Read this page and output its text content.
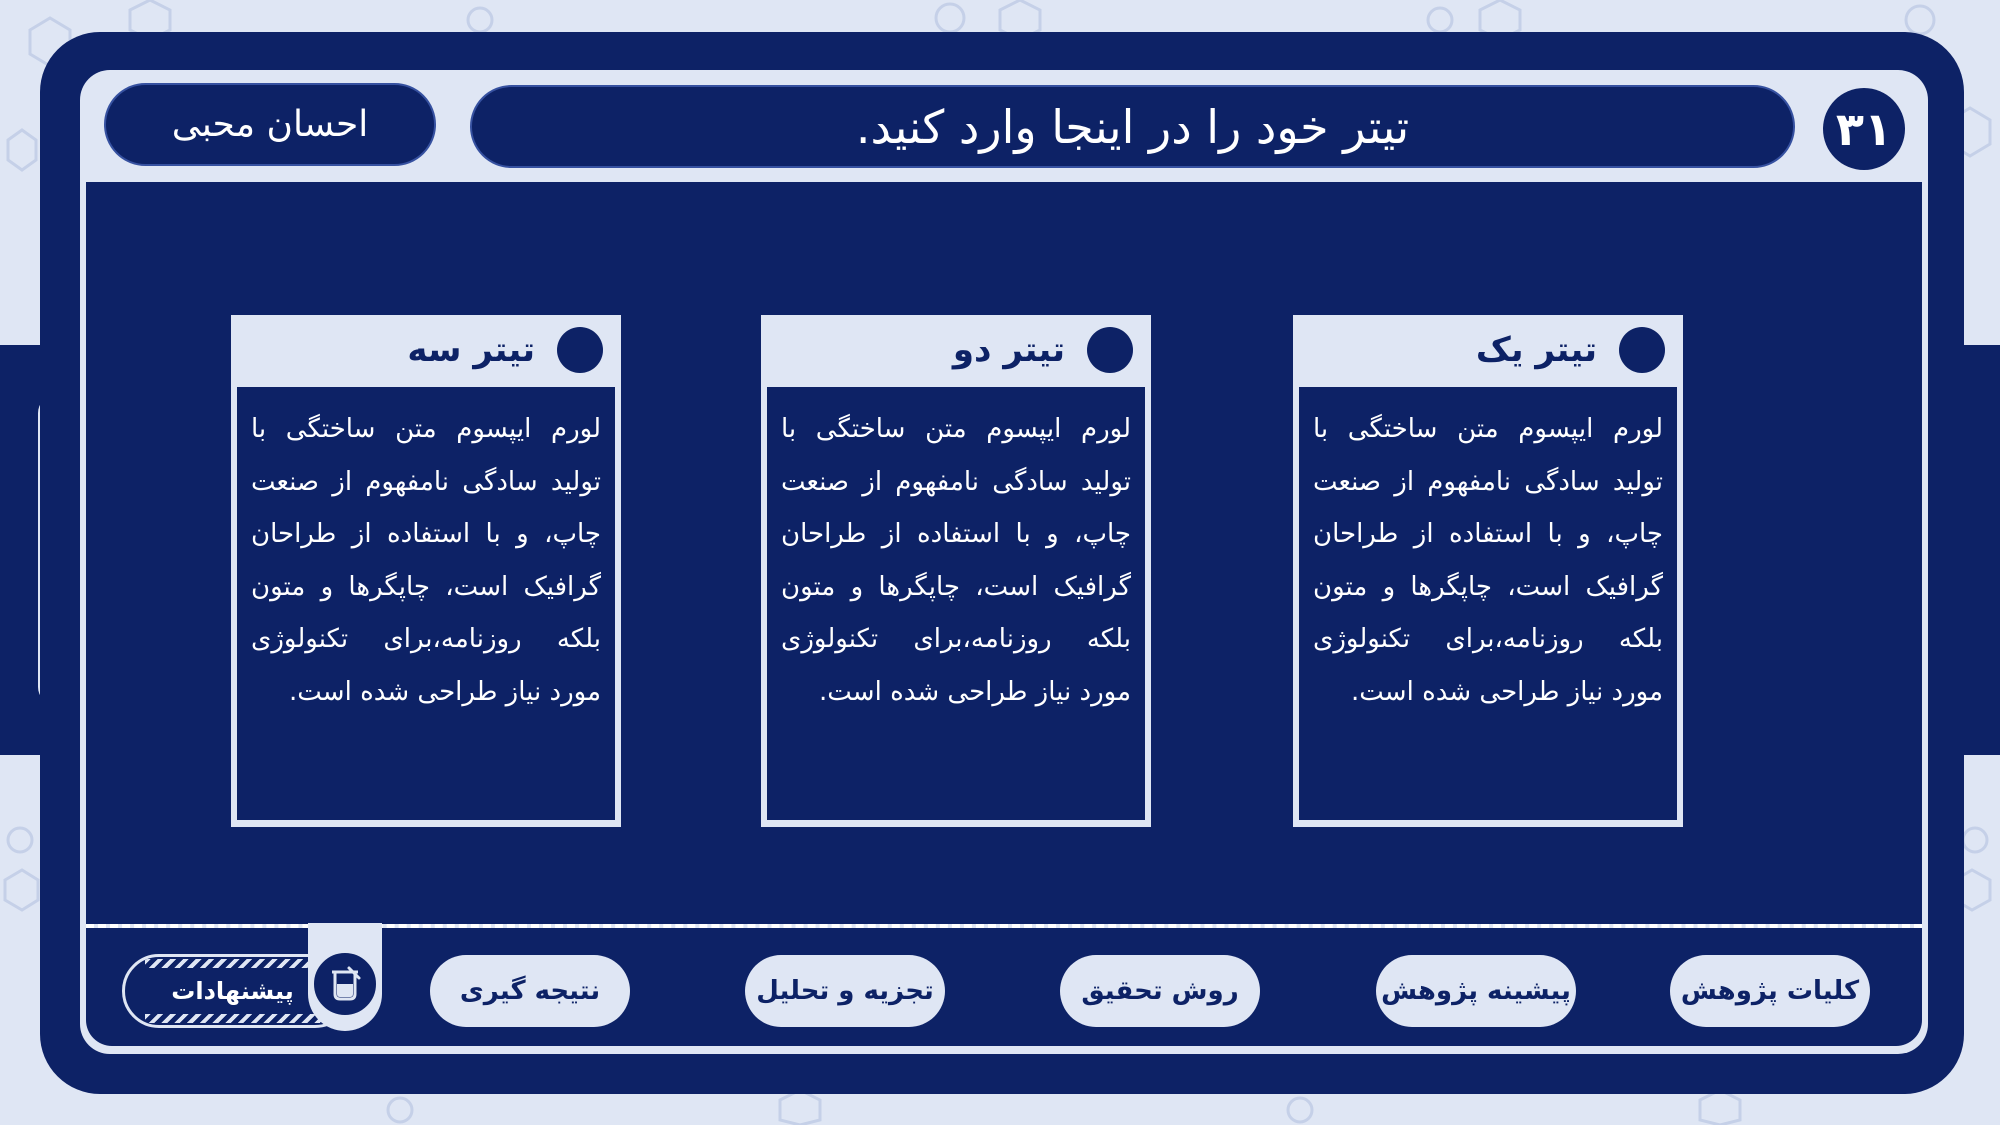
۳۱
تیتر خود را در اینجا وارد کنید.
احسان محبی
تیتر یک
لورم ایپسوم متن ساختگی با تولید سادگی نامفهوم از صنعت چاپ، و با استفاده از طراحان گرافیک است، چاپگرها و متون بلکه روزنامه،برای تکنولوژی مورد نیاز طراحی شده است.
تیتر دو
لورم ایپسوم متن ساختگی با تولید سادگی نامفهوم از صنعت چاپ، و با استفاده از طراحان گرافیک است، چاپگرها و متون بلکه روزنامه،برای تکنولوژی مورد نیاز طراحی شده است.
تیتر سه
لورم ایپسوم متن ساختگی با تولید سادگی نامفهوم از صنعت چاپ، و با استفاده از طراحان گرافیک است، چاپگرها و متون بلکه روزنامه،برای تکنولوژی مورد نیاز طراحی شده است.
کلیات پژوهش
پیشینه پژوهش
روش تحقیق
تجزیه و تحلیل
نتیجه گیری
پیشنهادات
